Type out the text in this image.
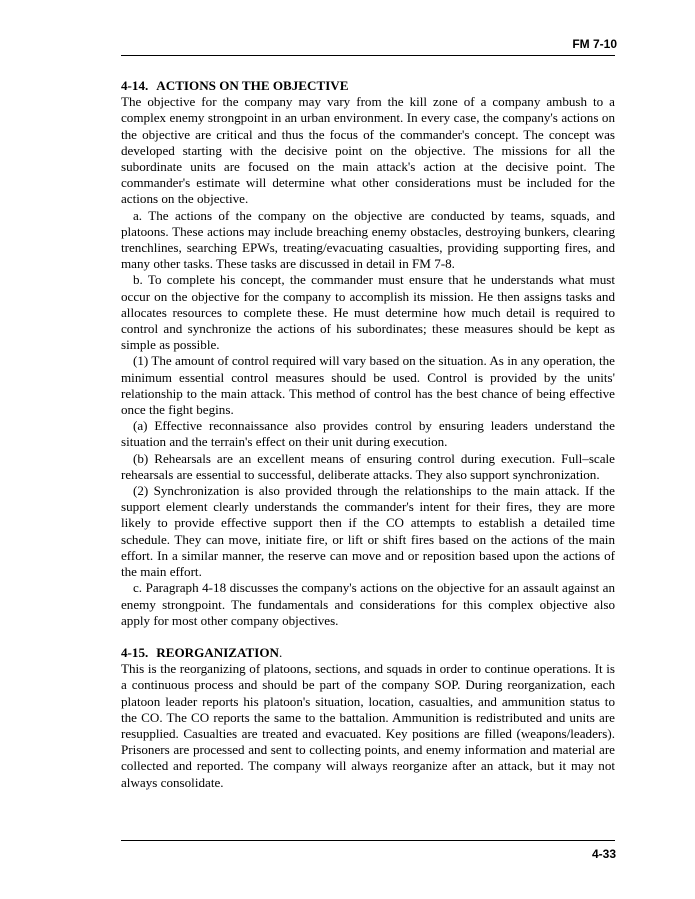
FM 7-10
4-14. ACTIONS ON THE OBJECTIVE

The objective for the company may vary from the kill zone of a company ambush to a complex enemy strongpoint in an urban environment. In every case, the company's actions on the objective are critical and thus the focus of the commander's concept. The concept was developed starting with the decisive point on the objective. The missions for all the subordinate units are focused on the main attack's action at the decisive point. The commander's estimate will determine what other considerations must be included for the actions on the objective.

a. The actions of the company on the objective are conducted by teams, squads, and platoons. These actions may include breaching enemy obstacles, destroying bunkers, clearing trenchlines, searching EPWs, treating/evacuating casualties, providing supporting fires, and many other tasks. These tasks are discussed in detail in FM 7-8.

b. To complete his concept, the commander must ensure that he understands what must occur on the objective for the company to accomplish its mission. He then assigns tasks and allocates resources to complete these. He must determine how much detail is required to control and synchronize the actions of his subordinates; these measures should be kept as simple as possible.

(1) The amount of control required will vary based on the situation. As in any operation, the minimum essential control measures should be used. Control is provided by the units' relationship to the main attack. This method of control has the best chance of being effective once the fight begins.

(a) Effective reconnaissance also provides control by ensuring leaders understand the situation and the terrain's effect on their unit during execution.

(b) Rehearsals are an excellent means of ensuring control during execution. Full–scale rehearsals are essential to successful, deliberate attacks. They also support synchronization.

(2) Synchronization is also provided through the relationships to the main attack. If the support element clearly understands the commander's intent for their fires, they are more likely to provide effective support then if the CO attempts to establish a detailed time schedule. They can move, initiate fire, or lift or shift fires based on the actions of the main effort. In a similar manner, the reserve can move and or reposition based upon the actions of the main effort.

c. Paragraph 4-18 discusses the company's actions on the objective for an assault against an enemy strongpoint. The fundamentals and considerations for this complex objective also apply for most other company objectives.

4-15. REORGANIZATION.

This is the reorganizing of platoons, sections, and squads in order to continue operations. It is a continuous process and should be part of the company SOP. During reorganization, each platoon leader reports his platoon's situation, location, casualties, and ammunition status to the CO. The CO reports the same to the battalion. Ammunition is redistributed and units are resupplied. Casualties are treated and evacuated. Key positions are filled (weapons/leaders). Prisoners are processed and sent to collecting points, and enemy information and material are collected and reported. The company will always reorganize after an attack, but it may not always consolidate.

4-33
